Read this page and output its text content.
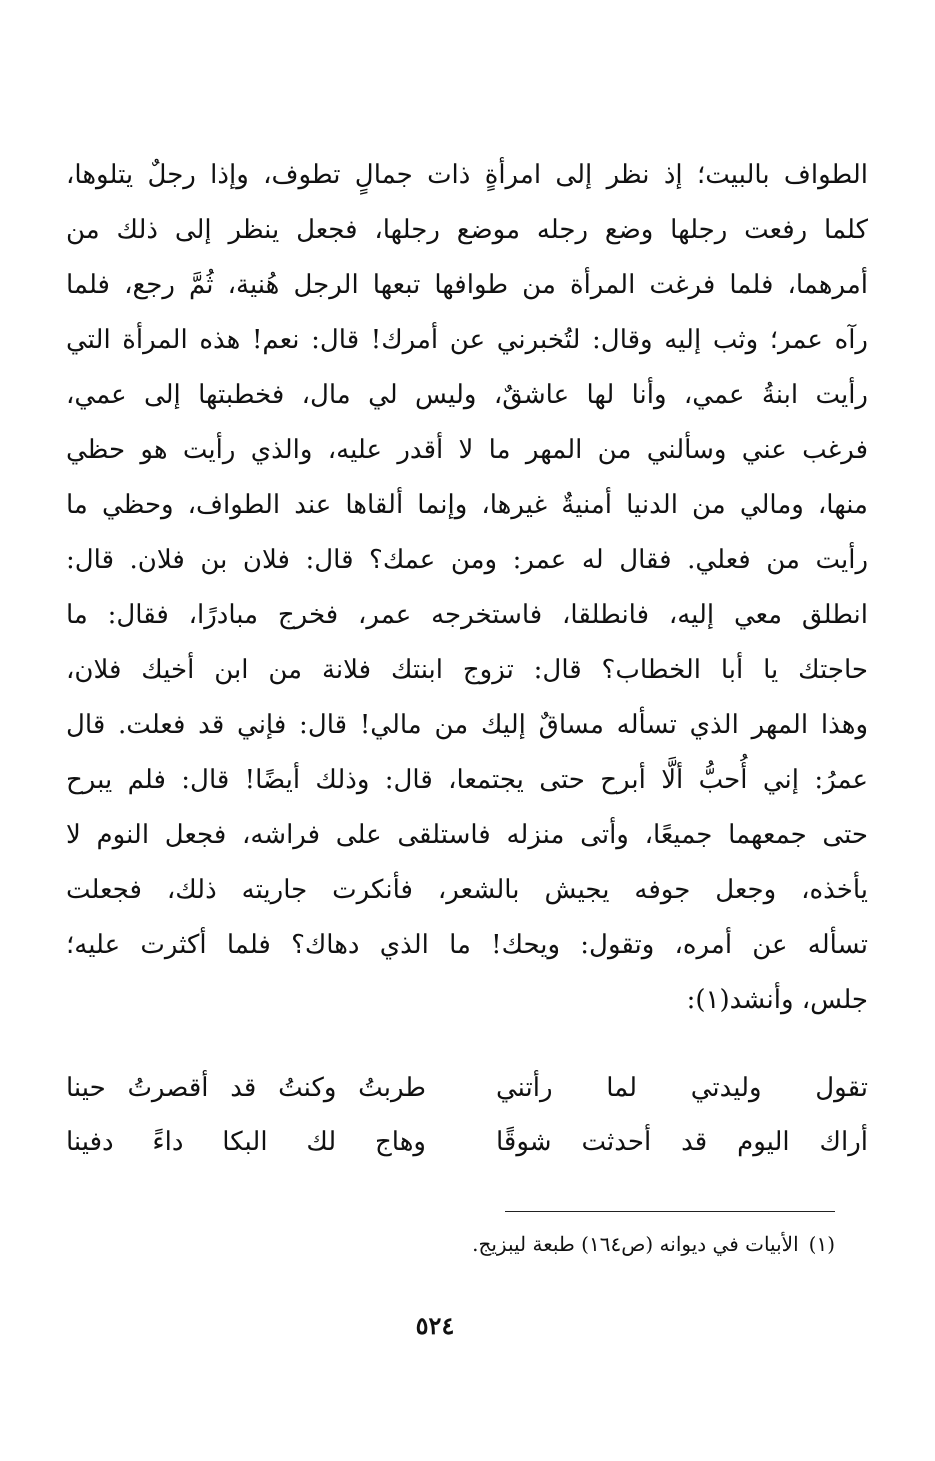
الطواف بالبيت؛ إذ نظر إلى امرأةٍ ذات جمالٍ تطوف، وإذا رجلٌ يتلوها،
كلما رفعت رجلها وضع رجله موضع رجلها، فجعل ينظر إلى ذلك من
أمرهما، فلما فرغت المرأة من طوافها تبعها الرجل هُنية، ثُمَّ رجع، فلما
رآه عمر؛ وثب إليه وقال: لتُخبرني عن أمرك! قال: نعم! هذه المرأة التي
رأيت ابنةُ عمي، وأنا لها عاشقٌ، وليس لي مال، فخطبتها إلى عمي،
فرغب عني وسألني من المهر ما لا أقدر عليه، والذي رأيت هو حظي
منها، ومالي من الدنيا أمنيةٌ غيرها، وإنما ألقاها عند الطواف، وحظي ما
رأيت من فعلي. فقال له عمر: ومن عمك؟ قال: فلان بن فلان. قال:
انطلق معي إليه، فانطلقا، فاستخرجه عمر، فخرج مبادرًا، فقال: ما
حاجتك يا أبا الخطاب؟ قال: تزوج ابنتك فلانة من ابن أخيك فلان،
وهذا المهر الذي تسأله مساقٌ إليك من مالي! قال: فإني قد فعلت. قال
عمرُ: إني أُحبُّ ألَّا أبرح حتى يجتمعا، قال: وذلك أيضًا! قال: فلم يبرح
حتى جمعهما جميعًا، وأتى منزله فاستلقى على فراشه، فجعل النوم لا
يأخذه، وجعل جوفه يجيش بالشعر، فأنكرت جاريته ذلك، فجعلت
تسأله عن أمره، وتقول: ويحك! ما الذي دهاك؟ فلما أكثرت عليه؛
جلس، وأنشد(١):
تقول وليدتي لما رأتني
طربتُ وكنتُ قد أقصرتُ حينا
أراك اليوم قد أحدثت شوقًا
وهاج لك البكا داءً دفينا
(١)الأبيات في ديوانه (ص١٦٤) طبعة ليبزيج.
٥٢٤
